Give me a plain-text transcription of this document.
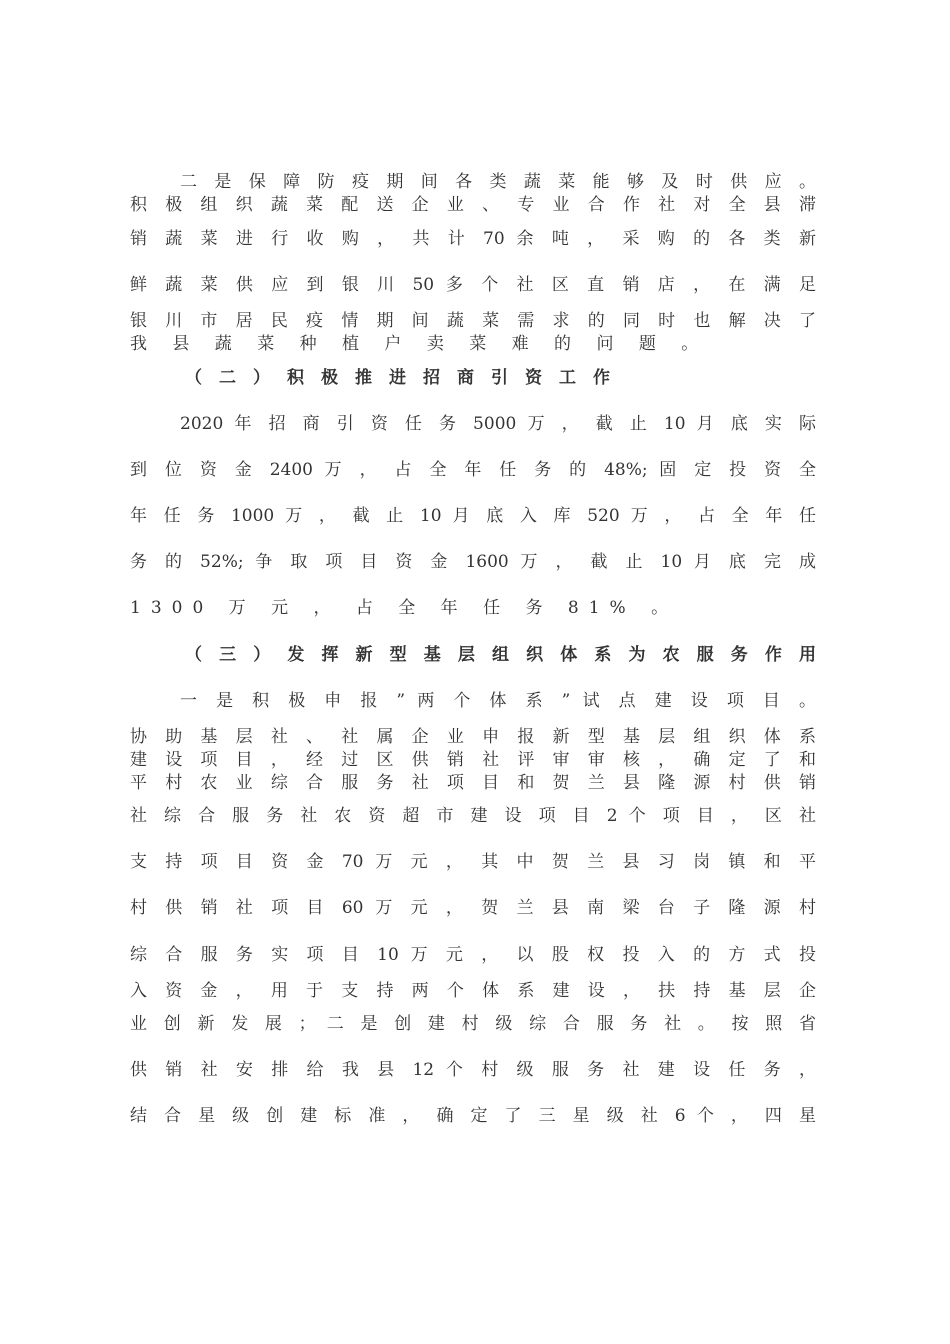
二 是 保 障 防 疫 期 间 各 类 蔬 菜 能 够 及 时 供 应 。
积 极 组 织 蔬 菜 配 送 企 业 、 专 业 合 作 社 对 全 县 滞
销 蔬 菜 进 行 收 购 ， 共 计 70 余 吨 ， 采 购 的 各 类 新
鲜 蔬 菜 供 应 到 银 川 50 多 个 社 区 直 销 店 ， 在 满 足
银 川 市 居 民 疫 情 期 间 蔬 菜 需 求 的 同 时 也 解 决 了
我 县 蔬 菜 种 植 户 卖 菜 难 的 问 题 。
（ 二 ） 积 极 推 进 招 商 引 资 工 作
2020 年 招 商 引 资 任 务 5000 万 ， 截 止 10 月 底 实 际
到 位 资 金 2400 万 ， 占 全 年 任 务 的 48%; 固 定 投 资 全
年 任 务 1000 万 ， 截 止 10 月 底 入 库 520 万 ， 占 全 年 任
务 的 52%; 争 取 项 目 资 金 1600 万 ， 截 止 10 月 底 完 成
1300 万 元 ， 占 全 年 任 务 81% 。
（ 三 ） 发 挥 新 型 基 层 组 织 体 系 为 农 服 务 作 用
一 是 积 极 申 报 ” 两 个 体 系 ” 试 点 建 设 项 目 。
协 助 基 层 社 、 社 属 企 业 申 报 新 型 基 层 组 织 体 系
建 设 项 目 ， 经 过 区 供 销 社 评 审 审 核 ， 确 定 了 和
平 村 农 业 综 合 服 务 社 项 目 和 贺 兰 县 隆 源 村 供 销
社 综 合 服 务 社 农 资 超 市 建 设 项 目 2 个 项 目 ， 区 社
支 持 项 目 资 金 70 万 元 ， 其 中 贺 兰 县 习 岗 镇 和 平
村 供 销 社 项 目 60 万 元 ， 贺 兰 县 南 梁 台 子 隆 源 村
综 合 服 务 实 项 目 10 万 元 ， 以 股 权 投 入 的 方 式 投
入 资 金 ， 用 于 支 持 两 个 体 系 建 设 ， 扶 持 基 层 企
业 创 新 发 展 ； 二 是 创 建 村 级 综 合 服 务 社 。 按 照 省
供 销 社 安 排 给 我 县 12 个 村 级 服 务 社 建 设 任 务 ，
结 合 星 级 创 建 标 准 ， 确 定 了 三 星 级 社 6 个 ， 四 星
